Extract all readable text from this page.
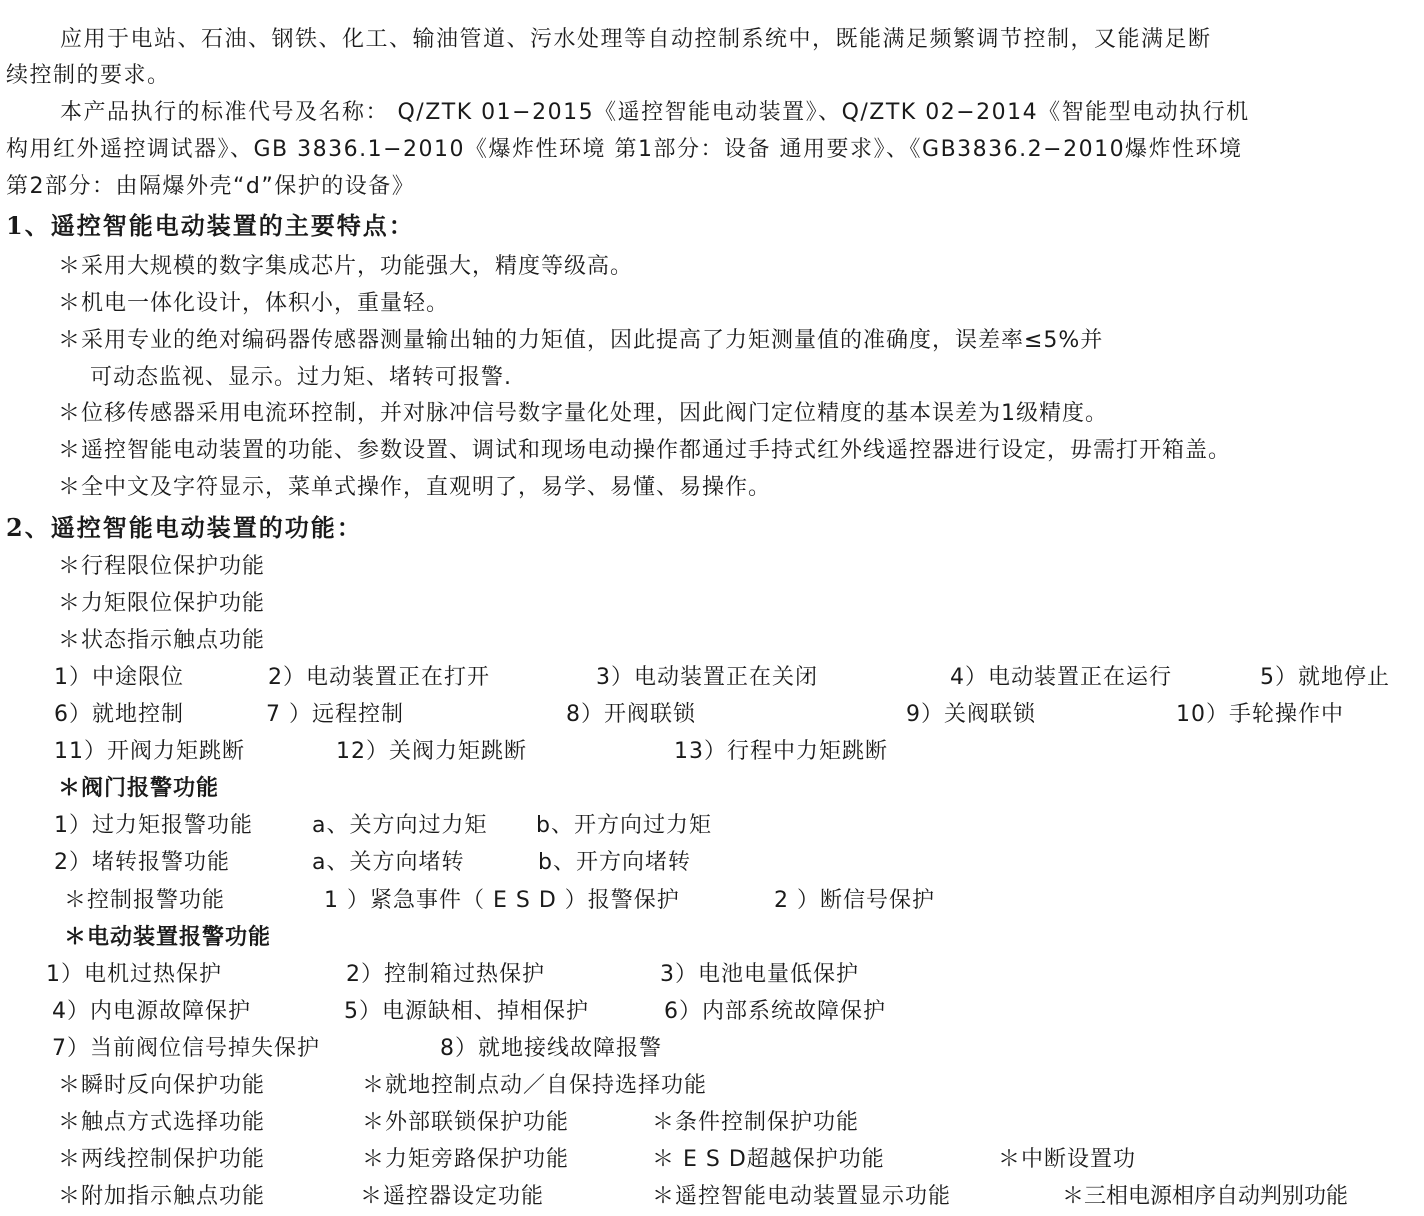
应用于电站、石油、钢铁、化工、输油管道、污水处理等自动控制系统中，既能满足频繁调节控制，又能满足断
续控制的要求。
本产品执行的标准代号及名称： Q/ZTK 01−2015《遥控智能电动装置》、Q/ZTK 02−2014《智能型电动执行机
构用红外遥控调试器》、GB 3836.1−2010《爆炸性环境 第1部分：设备 通用要求》、《GB3836.2−2010爆炸性环境
第2部分：由隔爆外壳“d”保护的设备》
1、遥控智能电动装置的主要特点：
＊采用大规模的数字集成芯片，功能强大，精度等级高。
＊机电一体化设计，体积小，重量轻。
＊采用专业的绝对编码器传感器测量输出轴的力矩值，因此提高了力矩测量值的准确度，误差率≤5%并
可动态监视、显示。过力矩、堵转可报警.
＊位移传感器采用电流环控制，并对脉冲信号数字量化处理，因此阀门定位精度的基本误差为1级精度。
＊遥控智能电动装置的功能、参数设置、调试和现场电动操作都通过手持式红外线遥控器进行设定，毋需打开箱盖。
＊全中文及字符显示，菜单式操作，直观明了，易学、易懂、易操作。
2、遥控智能电动装置的功能：
＊行程限位保护功能
＊力矩限位保护功能
＊状态指示触点功能
1）中途限位	2）电动装置正在打开	3）电动装置正在关闭	4）电动装置正在运行	5）就地停止
6）就地控制	7 ）远程控制	8）开阀联锁	9）关阀联锁	10）手轮操作中
11）开阀力矩跳断	12）关阀力矩跳断	13）行程中力矩跳断
＊阀门报警功能
1）过力矩报警功能	a、关方向过力矩 b、开方向过力矩
2）堵转报警功能	a、关方向堵转	b、开方向堵转
＊控制报警功能	1 ）紧急事件（ E S D ）报警保护	2 ）断信号保护
＊电动装置报警功能
1）电机过热保护	2）控制箱过热保护	3）电池电量低保护
4）内电源故障保护	5）电源缺相、掉相保护	6）内部系统故障保护
7）当前阀位信号掉失保护	8）就地接线故障报警
＊瞬时反向保护功能	＊就地控制点动／自保持选择功能
＊触点方式选择功能	＊外部联锁保护功能	＊条件控制保护功能
＊两线控制保护功能	＊力矩旁路保护功能	＊ E S D超越保护功能	＊中断设置功
＊附加指示触点功能	＊遥控器设定功能	＊遥控智能电动装置显示功能	＊三相电源相序自动判别功能
